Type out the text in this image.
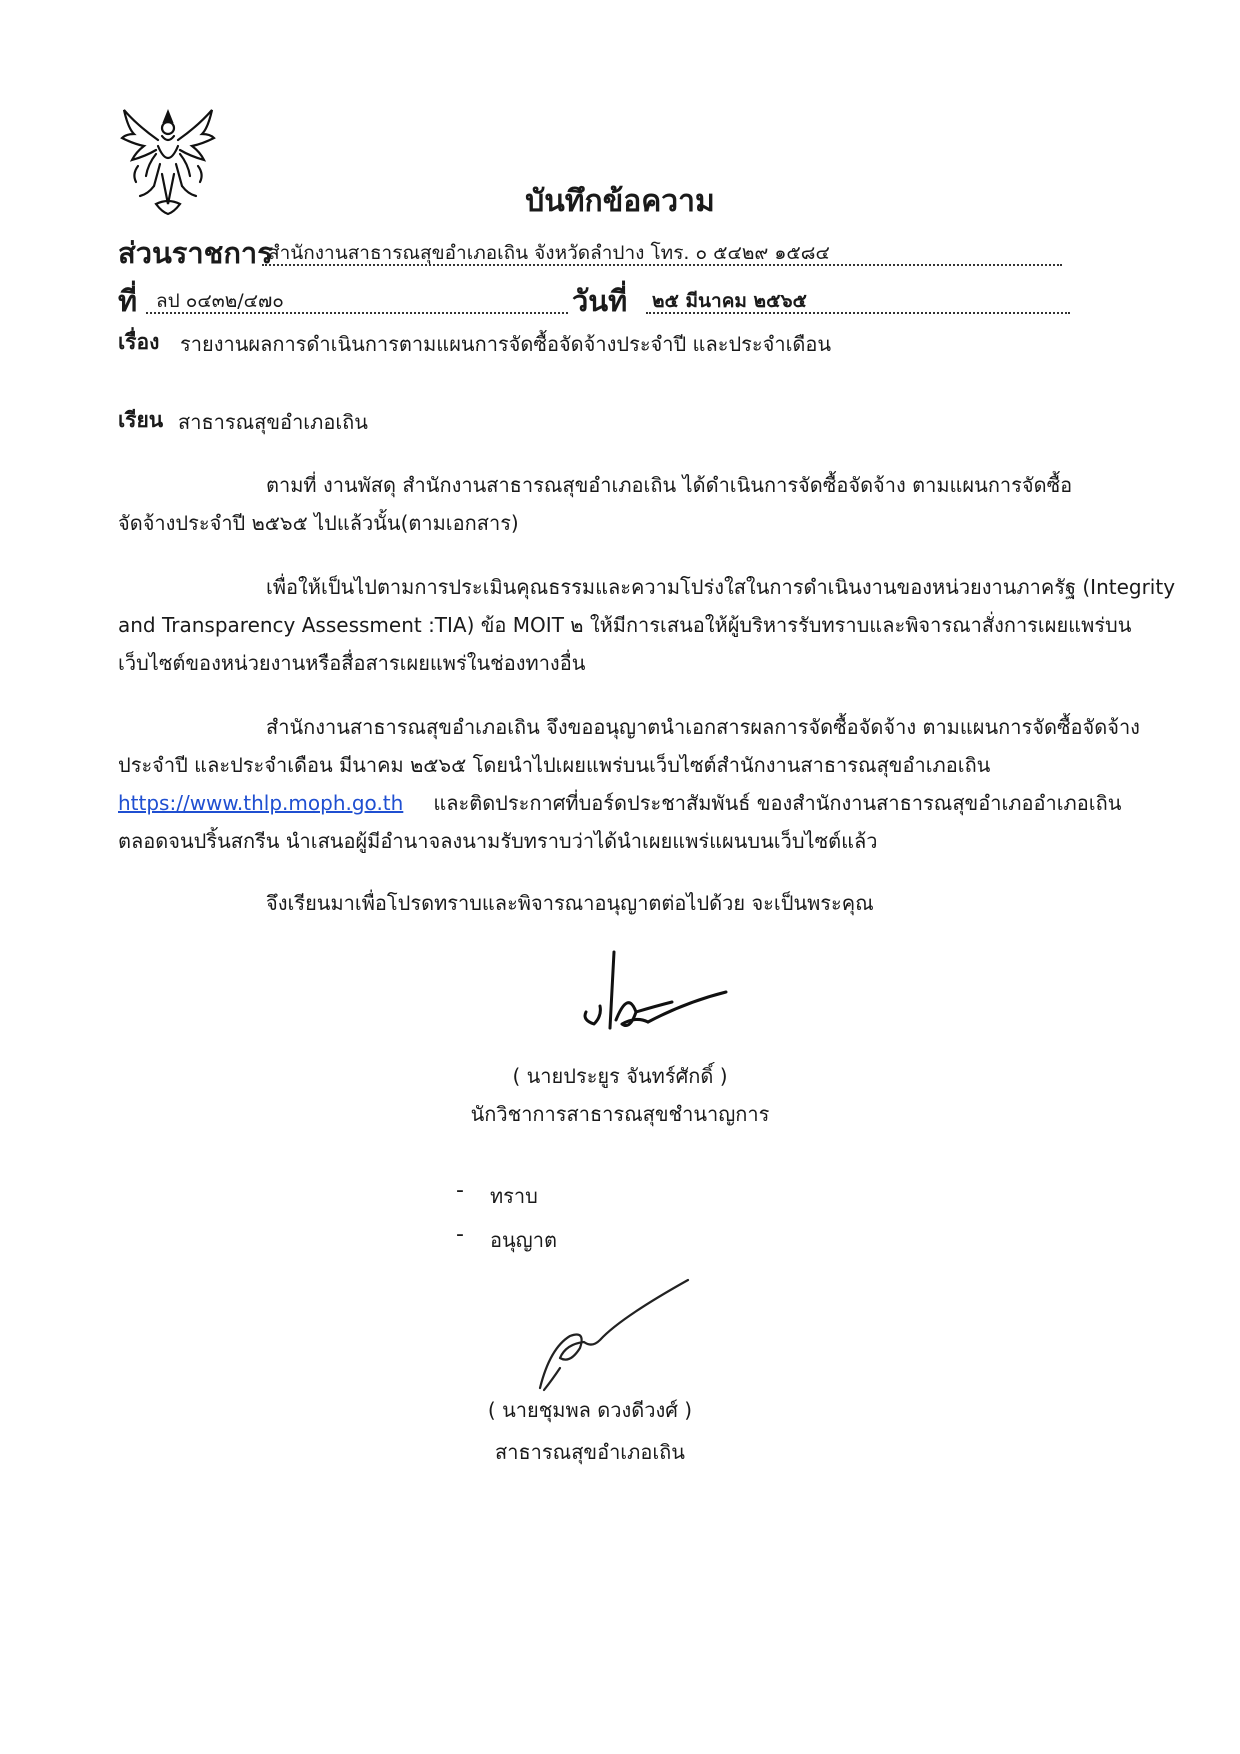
บันทึกข้อความ
ส่วนราชการ
สำนักงานสาธารณสุขอำเภอเถิน จังหวัดลำปาง โทร. ๐ ๕๔๒๙ ๑๕๘๔
ที่ ลป ๐๔๓๒/๔๗๐	วันที่ ๒๕ มีนาคม ๒๕๖๕
เรื่อง รายงานผลการดำเนินการตามแผนการจัดซื้อจัดจ้างประจำปี และประจำเดือน
เรียน สาธารณสุขอำเภอเถิน
ตามที่ งานพัสดุ สำนักงานสาธารณสุขอำเภอเถิน ได้ดำเนินการจัดซื้อจัดจ้าง ตามแผนการจัดซื้อ
จัดจ้างประจำปี ๒๕๖๕ ไปแล้วนั้น(ตามเอกสาร)
เพื่อให้เป็นไปตามการประเมินคุณธรรมและความโปร่งใสในการดำเนินงานของหน่วยงานภาครัฐ (Integrity
and Transparency Assessment :TIA) ข้อ MOIT ๒ ให้มีการเสนอให้ผู้บริหารรับทราบและพิจารณาสั่งการเผยแพร่บน
เว็บไซต์ของหน่วยงานหรือสื่อสารเผยแพร่ในช่องทางอื่น
สำนักงานสาธารณสุขอำเภอเถิน จึงขออนุญาตนำเอกสารผลการจัดซื้อจัดจ้าง ตามแผนการจัดซื้อจัดจ้าง
ประจำปี และประจำเดือน มีนาคม ๒๕๖๕ โดยนำไปเผยแพร่บนเว็บไซต์สำนักงานสาธารณสุขอำเภอเถิน
https://www.thlp.moph.go.th และติดประกาศที่บอร์ดประชาสัมพันธ์ ของสำนักงานสาธารณสุขอำเภออำเภอเถิน
ตลอดจนปริ้นสกรีน นำเสนอผู้มีอำนาจลงนามรับทราบว่าได้นำเผยแพร่แผนบนเว็บไซต์แล้ว
จึงเรียนมาเพื่อโปรดทราบและพิจารณาอนุญาตต่อไปด้วย จะเป็นพระคุณ
( นายประยูร จันทร์ศักดิ์ )
นักวิชาการสาธารณสุขชำนาญการ
- ทราบ
- อนุญาต
( นายชุมพล ดวงดีวงศ์ )
สาธารณสุขอำเภอเถิน
